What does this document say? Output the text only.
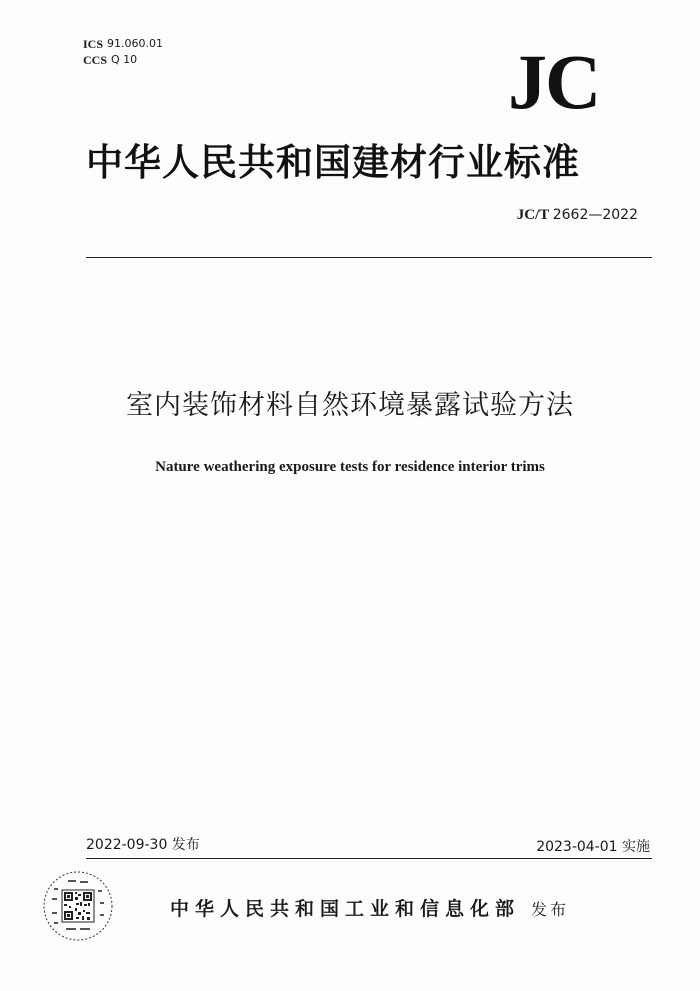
ICS 91.060.01
CCS Q 10	JC
中华人民共和国建材行业标准
JC/T 2662—2022
室内装饰材料自然环境暴露试验方法
Nature weathering exposure tests for residence interior trims
2022-09-30 发布	2023-04-01 实施
中华人民共和国工业和信息化部 发布
